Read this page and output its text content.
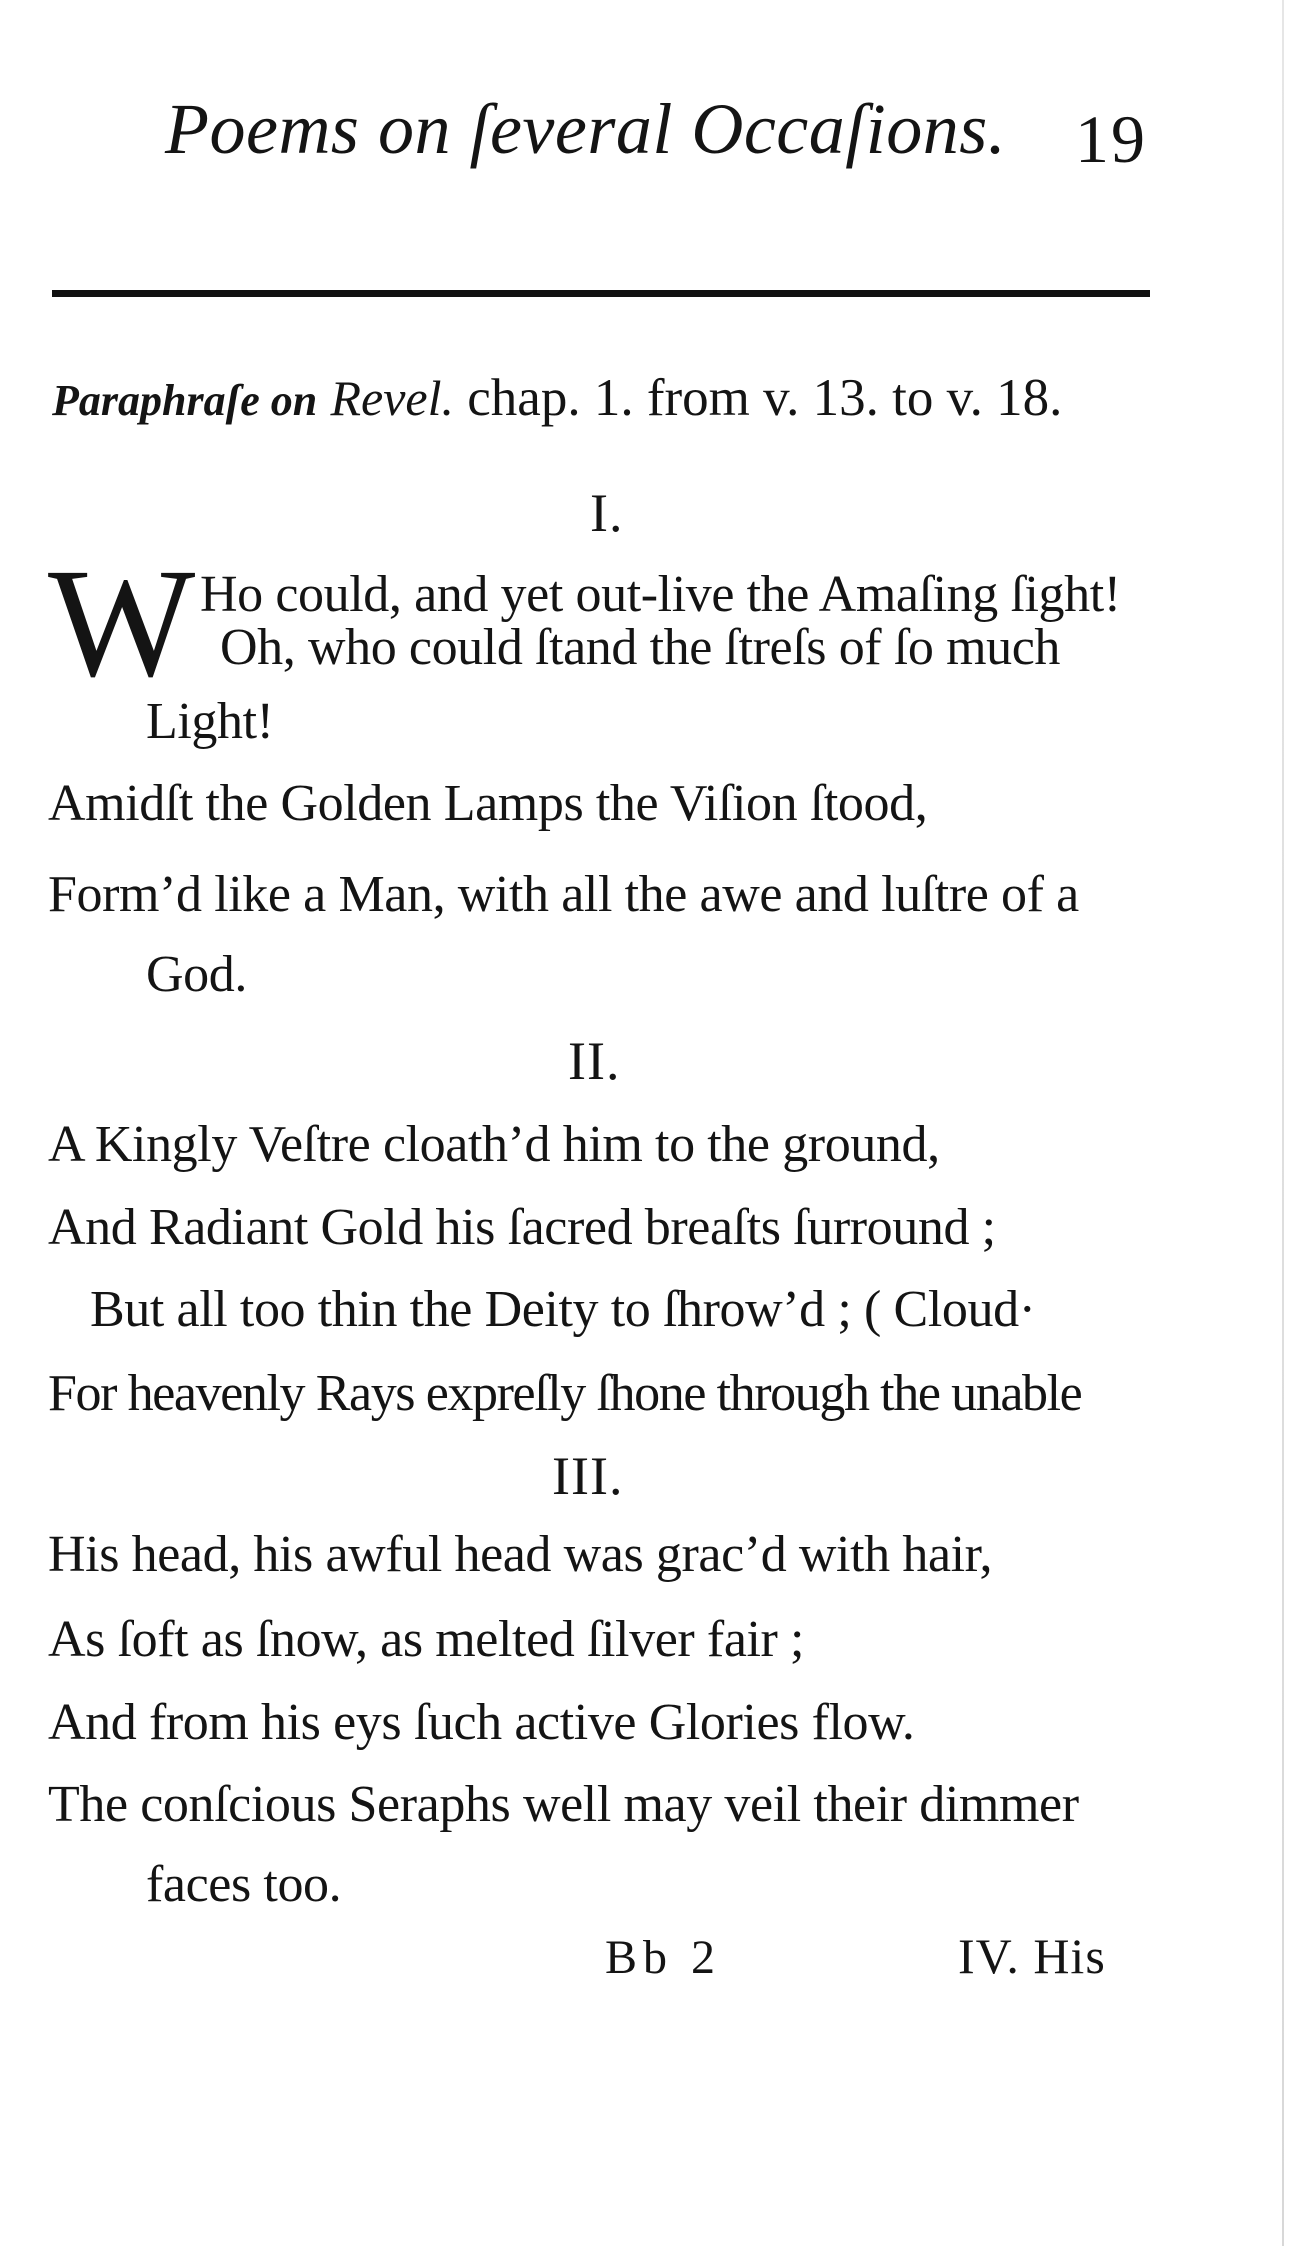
Poems on ſeveral Occaſions. 19
Paraphraſe on Revel. chap. 1. from v. 13. to v. 18.
I.
W Ho could, and yet out-live the Amaſing ſight!
Oh, who could ſtand the ſtreſs of ſo much
Light!
Amidſt the Golden Lamps the Viſion ſtood,
Form’d like a Man, with all the awe and luſtre of a
God.
II.
A Kingly Veſtre cloath’d him to the ground,
And Radiant Gold his ſacred breaſts ſurround ;
But all too thin the Deity to ſhrow’d ; ( Cloud·
For heavenly Rays expreſly ſhone through the unable
III.
His head, his awful head was grac’d with hair,
As ſoft as ſnow, as melted ſilver fair ;
And from his eys ſuch active Glories flow.
The conſcious Seraphs well may veil their dimmer
faces too.
Bb 2	IV. His
